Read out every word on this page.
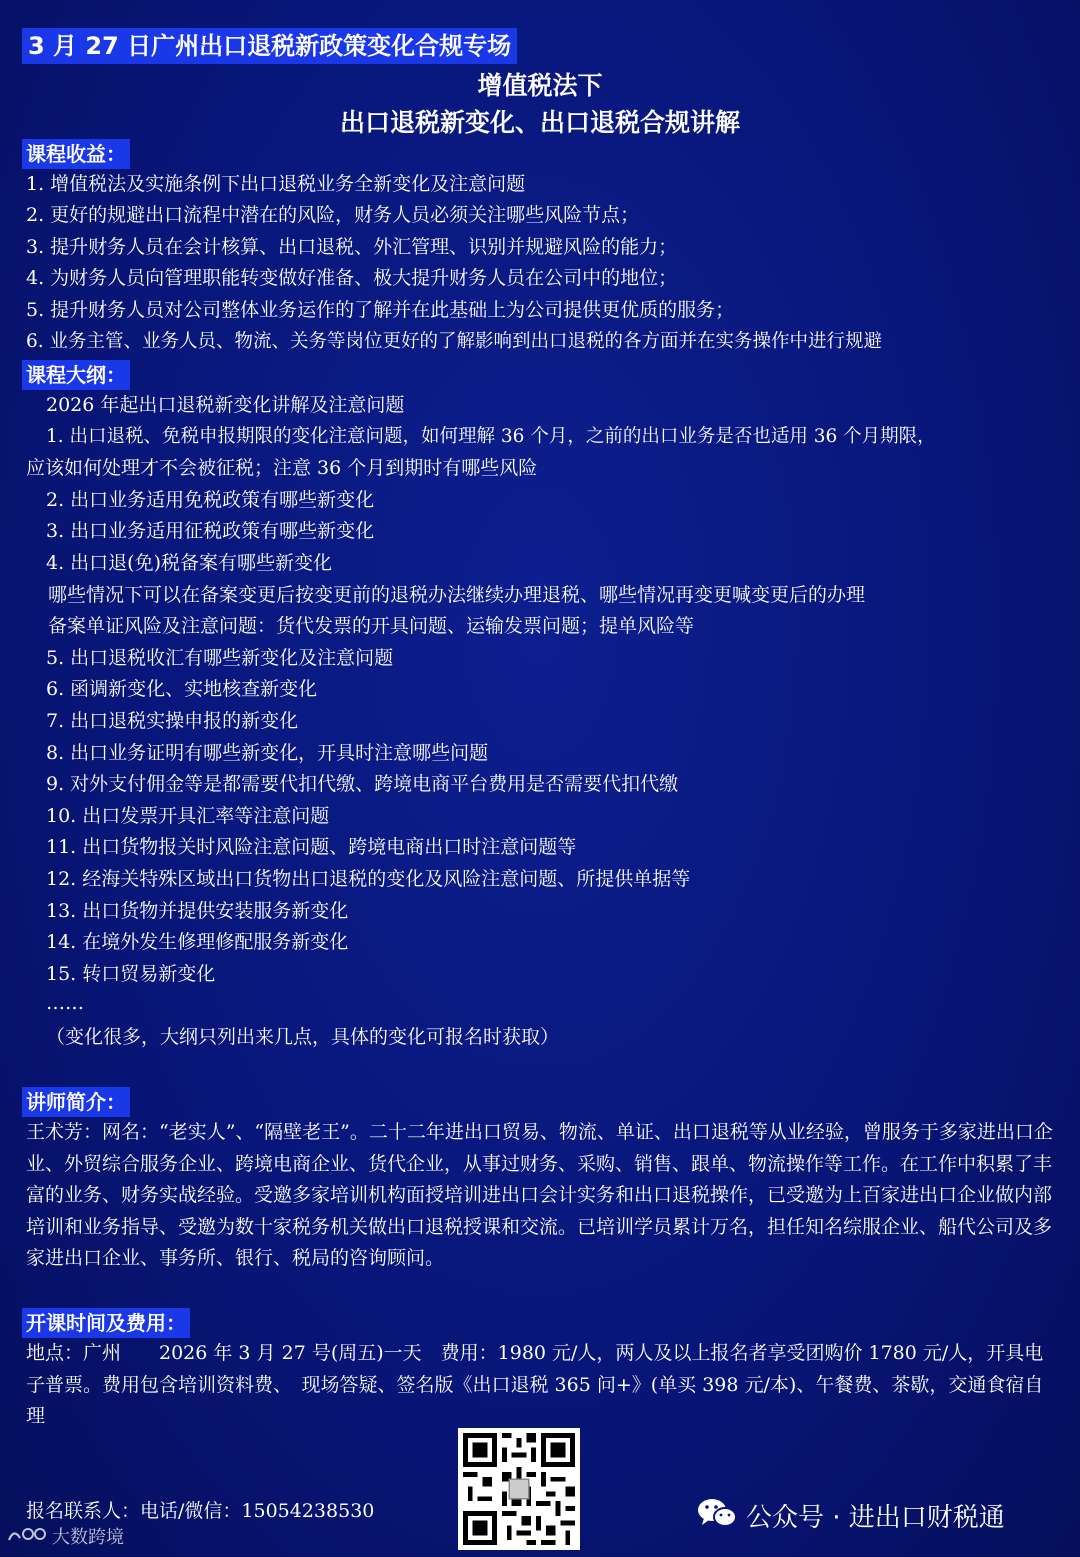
3 月 27 日广州出口退税新政策变化合规专场
增值税法下
出口退税新变化、出口退税合规讲解
课程收益：
1. 增值税法及实施条例下出口退税业务全新变化及注意问题
2. 更好的规避出口流程中潜在的风险，财务人员必须关注哪些风险节点；
3. 提升财务人员在会计核算、出口退税、外汇管理、识别并规避风险的能力；
4. 为财务人员向管理职能转变做好准备、极大提升财务人员在公司中的地位；
5. 提升财务人员对公司整体业务运作的了解并在此基础上为公司提供更优质的服务；
6. 业务主管、业务人员、物流、关务等岗位更好的了解影响到出口退税的各方面并在实务操作中进行规避
课程大纲：
2026 年起出口退税新变化讲解及注意问题
1. 出口退税、免税申报期限的变化注意问题，如何理解 36 个月，之前的出口业务是否也适用 36 个月期限，
应该如何处理才不会被征税；注意 36 个月到期时有哪些风险
2. 出口业务适用免税政策有哪些新变化
3. 出口业务适用征税政策有哪些新变化
4. 出口退(免)税备案有哪些新变化
哪些情况下可以在备案变更后按变更前的退税办法继续办理退税、哪些情况再变更喊变更后的办理
备案单证风险及注意问题：货代发票的开具问题、运输发票问题；提单风险等
5. 出口退税收汇有哪些新变化及注意问题
6. 函调新变化、实地核查新变化
7. 出口退税实操申报的新变化
8. 出口业务证明有哪些新变化，开具时注意哪些问题
9. 对外支付佣金等是都需要代扣代缴、跨境电商平台费用是否需要代扣代缴
10. 出口发票开具汇率等注意问题
11. 出口货物报关时风险注意问题、跨境电商出口时注意问题等
12. 经海关特殊区域出口货物出口退税的变化及风险注意问题、所提供单据等
13. 出口货物并提供安装服务新变化
14. 在境外发生修理修配服务新变化
15. 转口贸易新变化
……
（变化很多，大纲只列出来几点，具体的变化可报名时获取）
讲师简介：
王术芳：网名：“老实人”、“隔壁老王”。二十二年进出口贸易、物流、单证、出口退税等从业经验，曾服务于多家进出口企业、外贸综合服务企业、跨境电商企业、货代企业，从事过财务、采购、销售、跟单、物流操作等工作。在工作中积累了丰富的业务、财务实战经验。受邀多家培训机构面授培训进出口会计实务和出口退税操作，已受邀为上百家进出口企业做内部培训和业务指导、受邀为数十家税务机关做出口退税授课和交流。已培训学员累计万名，担任知名综服企业、船代公司及多家进出口企业、事务所、银行、税局的咨询顾问。
开课时间及费用：
地点：广州　　2026 年 3 月 27 号(周五)一天　费用：1980 元/人，两人及以上报名者享受团购价 1780 元/人，开具电子普票。费用包含培训资料费、　现场答疑、签名版《出口退税 365 问+》(单买 398 元/本)、午餐费、茶歇，交通食宿自理
报名联系人：电话/微信：15054238530	公众号 · 进出口财税通
大数跨境
